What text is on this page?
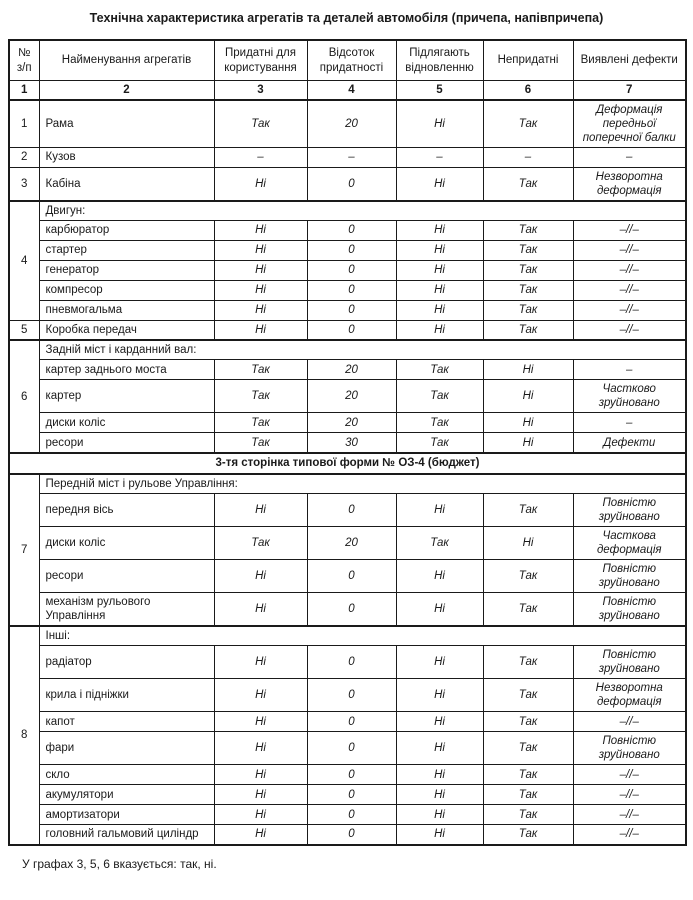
Технічна характеристика агрегатів та деталей автомобіля (причепа, напівпричепа)
№ з/п	Найменування агрегатів	Придатні для користування	Відсоток придатності	Підлягають відновленню	Непридатні	Виявлені дефекти
1	2	3	4	5	6	7
1	Рама	Так	20	Ні	Так	Деформація передньої поперечної балки
2	Кузов	–	–	–	–	–
3	Кабіна	Ні	0	Ні	Так	Незворотна деформація
4	Двигун:					
	карбюратор	Ні	0	Ні	Так	–//–
	стартер	Ні	0	Ні	Так	–//–
	генератор	Ні	0	Ні	Так	–//–
	компресор	Ні	0	Ні	Так	–//–
	пневмогальма	Ні	0	Ні	Так	–//–
5	Коробка передач	Ні	0	Ні	Так	–//–
6	Задній міст і карданний вал:					
	картер заднього моста	Так	20	Так	Ні	–
	картер	Так	20	Так	Ні	Частково зруйновано
	диски коліс	Так	20	Так	Ні	–
	ресори	Так	30	Так	Ні	Дефекти
3-тя сторінка типової форми № ОЗ-4 (бюджет)						
7	Передній міст і рульове Управління:					
	передня вісь	Ні	0	Ні	Так	Повністю зруйновано
	диски коліс	Так	20	Так	Ні	Часткова деформація
	ресори	Ні	0	Ні	Так	Повністю зруйновано
	механізм рульового Управління	Ні	0	Ні	Так	Повністю зруйновано
8	Інші:					
	радіатор	Ні	0	Ні	Так	Повністю зруйновано
	крила і підніжки	Ні	0	Ні	Так	Незворотна деформація
	капот	Ні	0	Ні	Так	–//–
	фари	Ні	0	Ні	Так	Повністю зруйновано
	скло	Ні	0	Ні	Так	–//–
	акумулятори	Ні	0	Ні	Так	–//–
	амортизатори	Ні	0	Ні	Так	–//–
	головний гальмовий циліндр	Ні	0	Ні	Так	–//–
У графах 3, 5, 6 вказується: так, ні.
